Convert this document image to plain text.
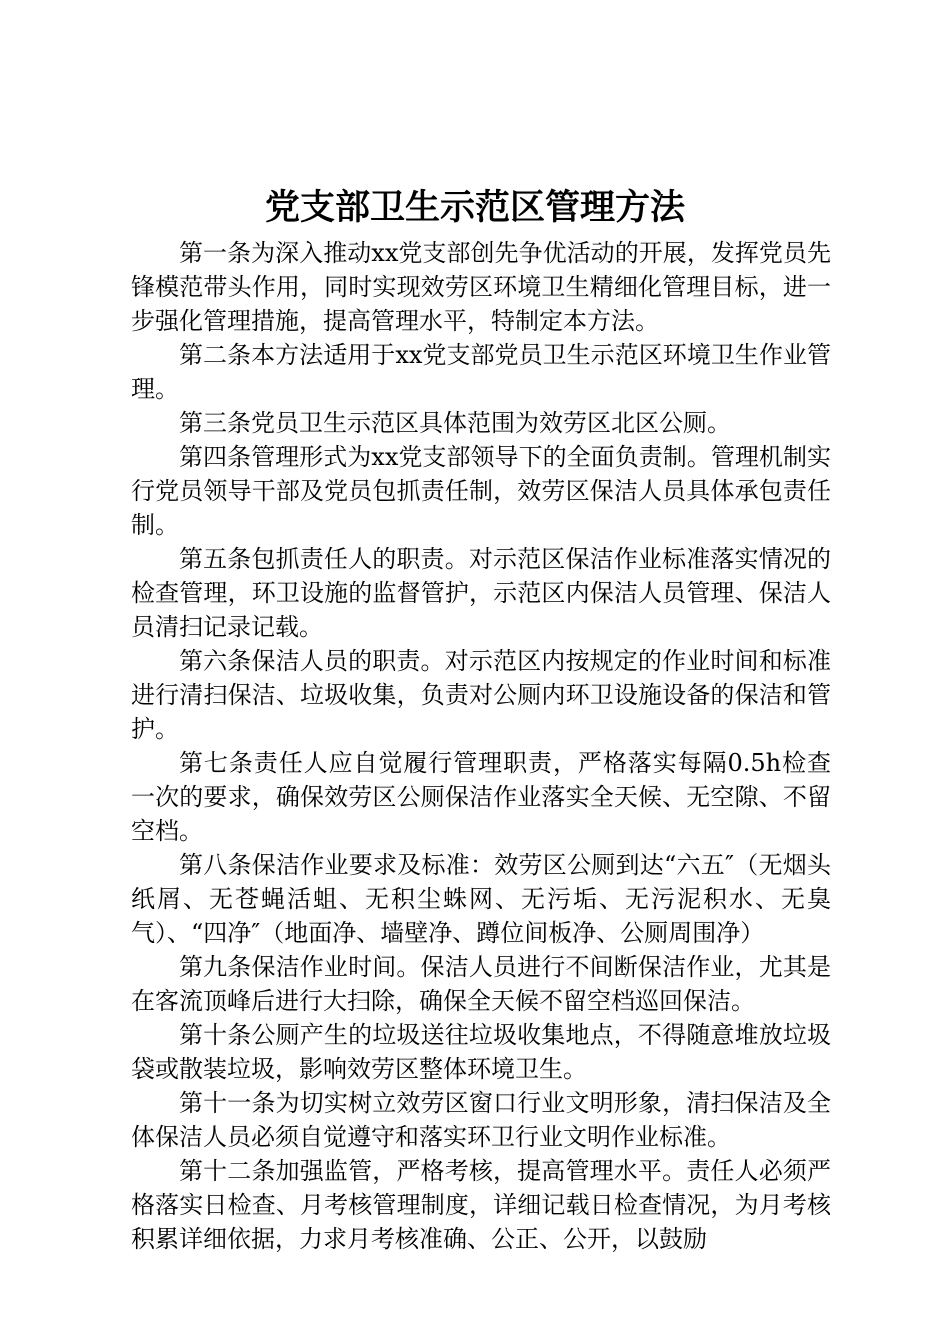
党支部卫生示范区管理方法

第一条为深入推动xx党支部创先争优活动的开展，发挥党员先锋模范带头作用，同时实现效劳区环境卫生精细化管理目标，进一步强化管理措施，提高管理水平，特制定本方法。

第二条本方法适用于xx党支部党员卫生示范区环境卫生作业管理。

第三条党员卫生示范区具体范围为效劳区北区公厕。

第四条管理形式为xx党支部领导下的全面负责制。管理机制实行党员领导干部及党员包抓责任制，效劳区保洁人员具体承包责任制。

第五条包抓责任人的职责。对示范区保洁作业标准落实情况的检查管理，环卫设施的监督管护，示范区内保洁人员管理、保洁人员清扫记录记载。

第六条保洁人员的职责。对示范区内按规定的作业时间和标准进行清扫保洁、垃圾收集，负责对公厕内环卫设施设备的保洁和管护。

第七条责任人应自觉履行管理职责，严格落实每隔0.5h检查一次的要求，确保效劳区公厕保洁作业落实全天候、无空隙、不留空档。

第八条保洁作业要求及标准：效劳区公厕到达“六五″（无烟头纸屑、无苍蝇活蛆、无积尘蛛网、无污垢、无污泥积水、无臭气）、“四净″（地面净、墙壁净、蹲位间板净、公厕周围净）

第九条保洁作业时间。保洁人员进行不间断保洁作业，尤其是在客流顶峰后进行大扫除，确保全天候不留空档巡回保洁。

第十条公厕产生的垃圾送往垃圾收集地点，不得随意堆放垃圾袋或散装垃圾，影响效劳区整体环境卫生。

第十一条为切实树立效劳区窗口行业文明形象，清扫保洁及全体保洁人员必须自觉遵守和落实环卫行业文明作业标准。

第十二条加强监管，严格考核，提高管理水平。责任人必须严格落实日检查、月考核管理制度，详细记载日检查情况，为月考核积累详细依据，力求月考核准确、公正、公开，以鼓励
